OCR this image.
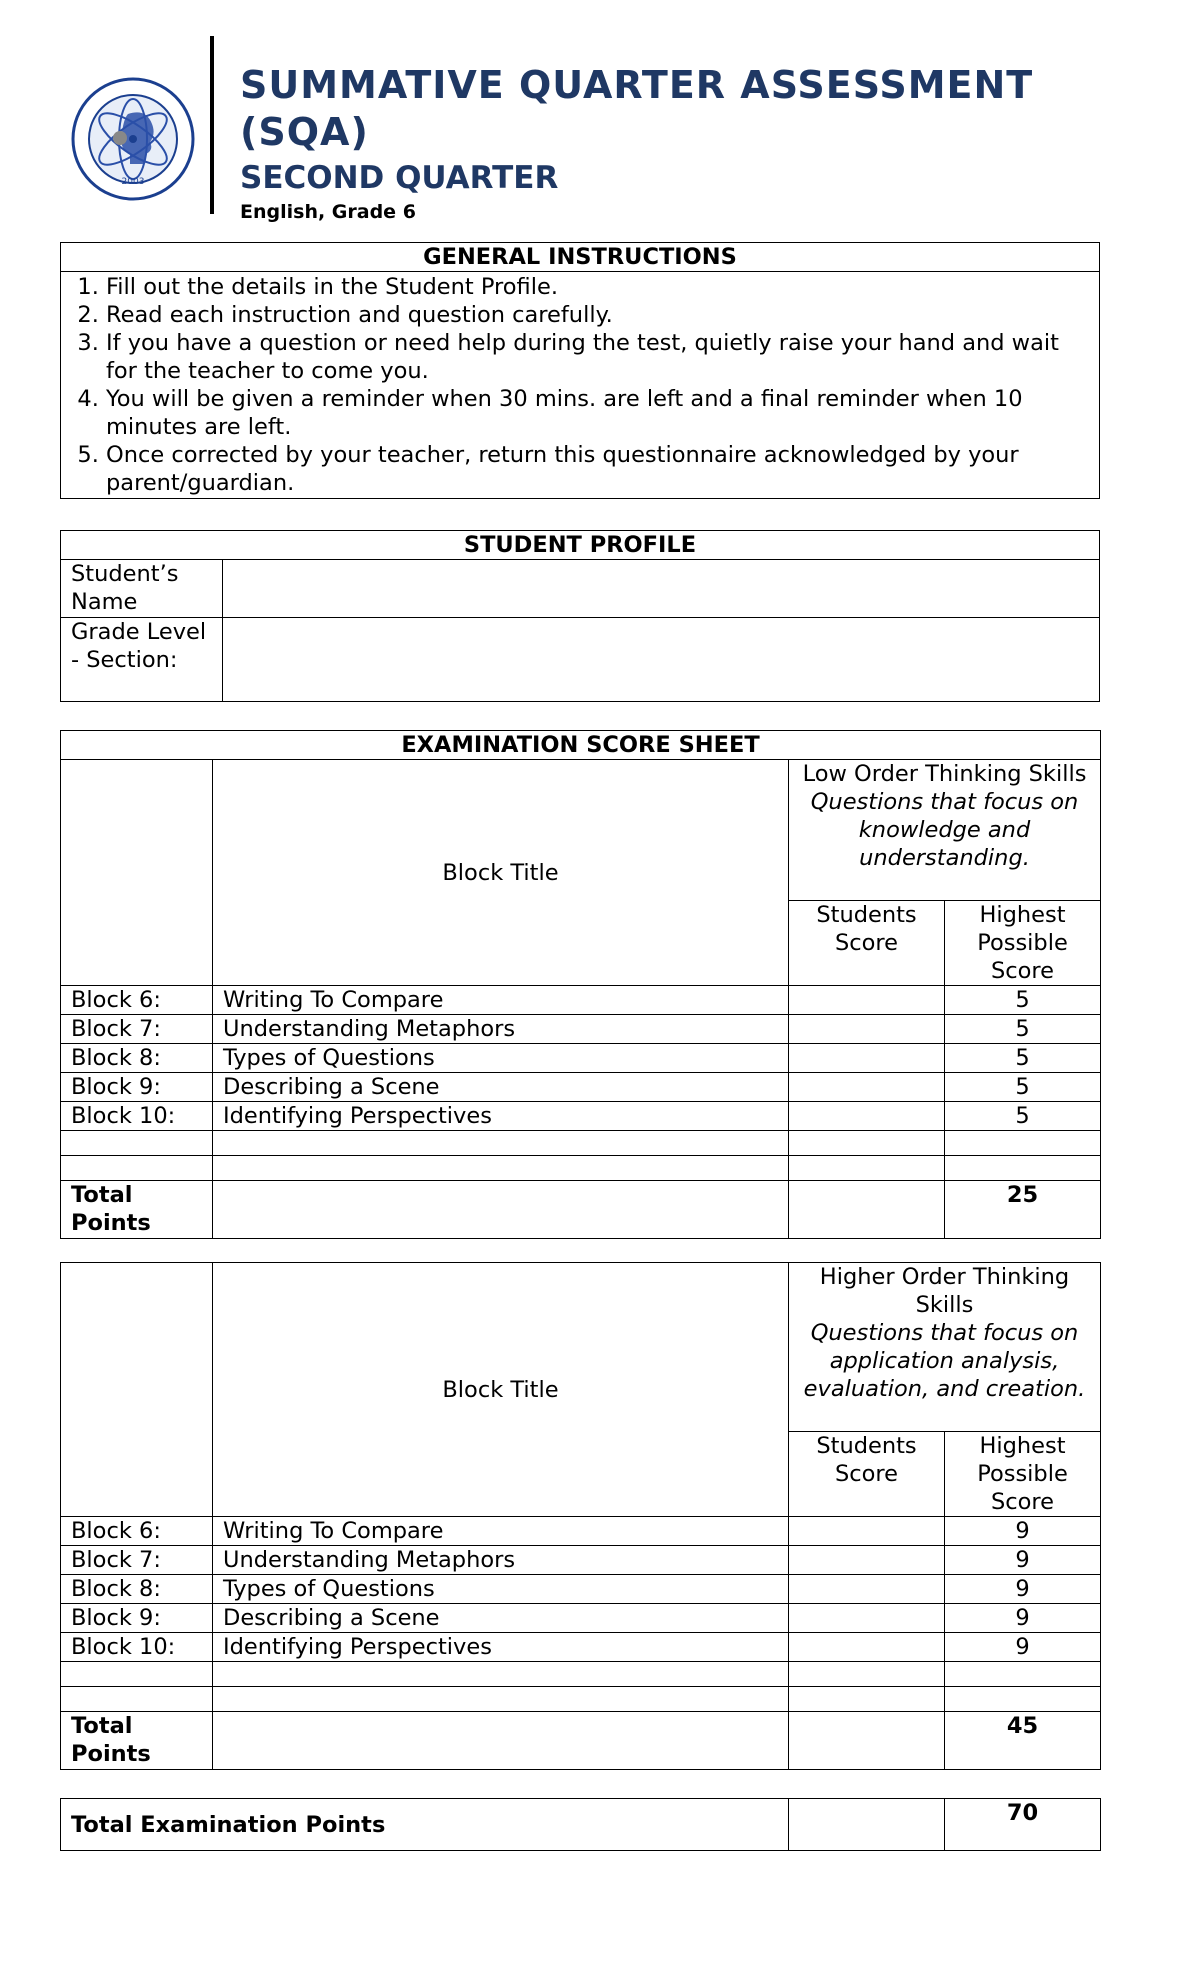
2003
SUMMATIVE QUARTER ASSESSMENT (SQA)
SECOND QUARTER
English, Grade 6
GENERAL INSTRUCTIONS

1. Fill out the details in the Student Profile.
2. Read each instruction and question carefully.
3. If you have a question or need help during the test, quietly raise your hand and wait for the teacher to come you.
4. You will be given a reminder when 30 mins. are left and a final reminder when 10 minutes are left.
5. Once corrected by your teacher, return this questionnaire acknowledged by your parent/guardian.
STUDENT PROFILE	
Student’s Name	
Grade Level - Section:	
EXAMINATION SCORE SHEET			
	Block Title	Low Order Thinking Skills
Questions that focus on knowledge and understanding.	

		Students Score	Highest Possible Score
Block 6:	Writing To Compare		5
Block 7:	Understanding Metaphors		5
Block 8:	Types of Questions		5
Block 9:	Describing a Scene		5
Block 10:	Identifying Perspectives		5

Total Points			25
	Block Title	Higher Order Thinking Skills
Questions that focus on application analysis, evaluation, and creation.	

		Students Score	Highest Possible Score
Block 6:	Writing To Compare		9
Block 7:	Understanding Metaphors		9
Block 8:	Types of Questions		9
Block 9:	Describing a Scene		9
Block 10:	Identifying Perspectives		9

Total Points			45
Total Examination Points		70
